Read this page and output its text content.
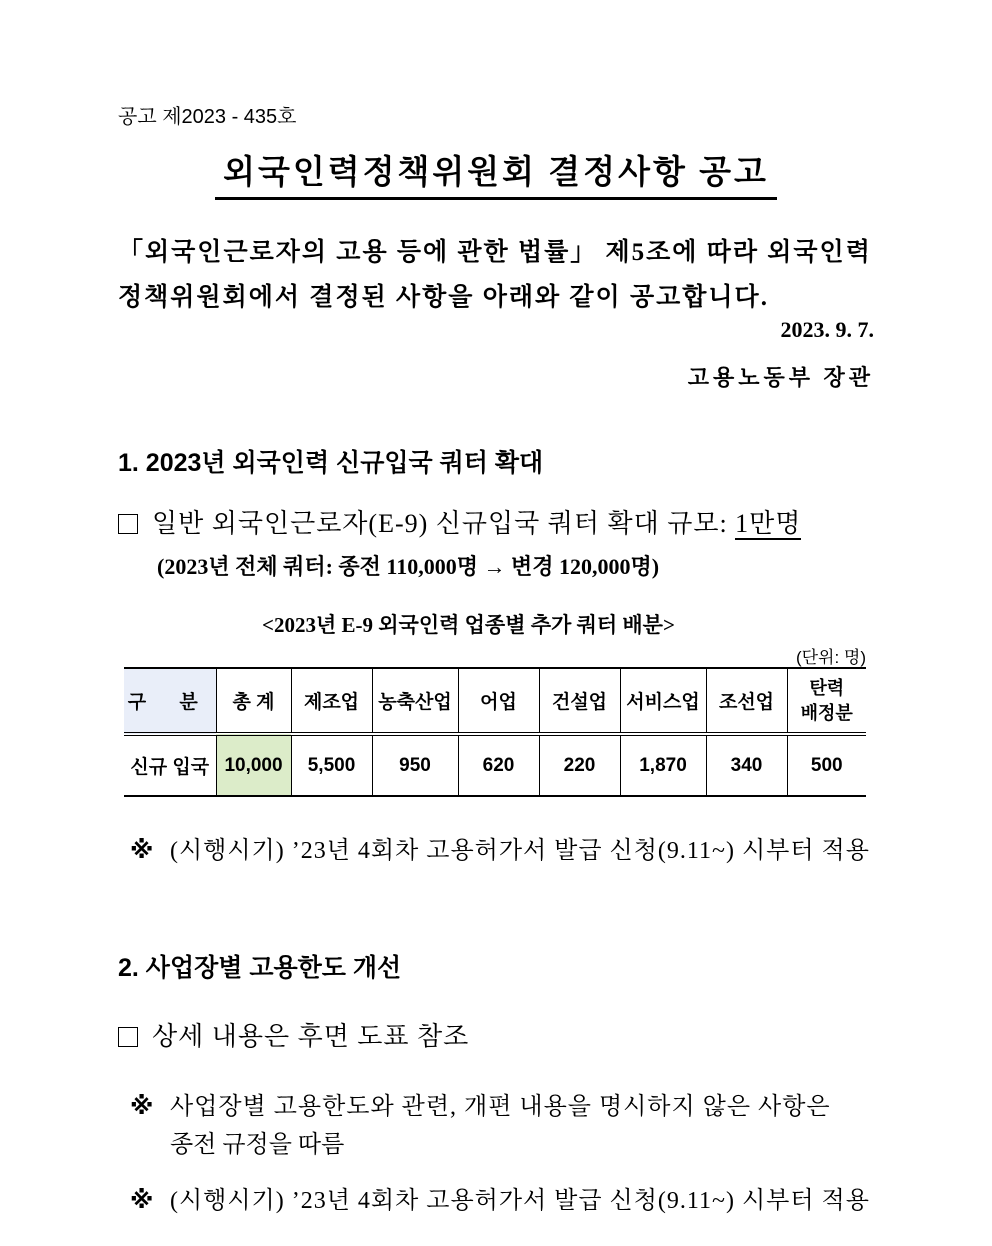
공고 제2023 - 435호
외국인력정책위원회 결정사항 공고
「외국인근로자의 고용 등에 관한 법률」 제5조에 따라 외국인력
정책위원회에서 결정된 사항을 아래와 같이 공고합니다.
2023. 9. 7.
고용노동부 장관
1. 2023년 외국인력 신규입국 쿼터 확대
일반 외국인근로자(E-9) 신규입국 쿼터 확대 규모: 1만명
(2023년 전체 쿼터: 종전 110,000명 → 변경 120,000명)
<2023년 E-9 외국인력 업종별 추가 쿼터 배분>
(단위: 명)
구 분	총 계	제조업	농축산업	어업	건설업	서비스업	조선업	탄력
배정분
신규 입국	10,000	5,500	950	620	220	1,870	340	500
※ (시행시기) ’23년 4회차 고용허가서 발급 신청(9.11~) 시부터 적용
2. 사업장별 고용한도 개선
상세 내용은 후면 도표 참조
※ 사업장별 고용한도와 관련, 개편 내용을 명시하지 않은 사항은
종전 규정을 따름
※ (시행시기) ’23년 4회차 고용허가서 발급 신청(9.11~) 시부터 적용
